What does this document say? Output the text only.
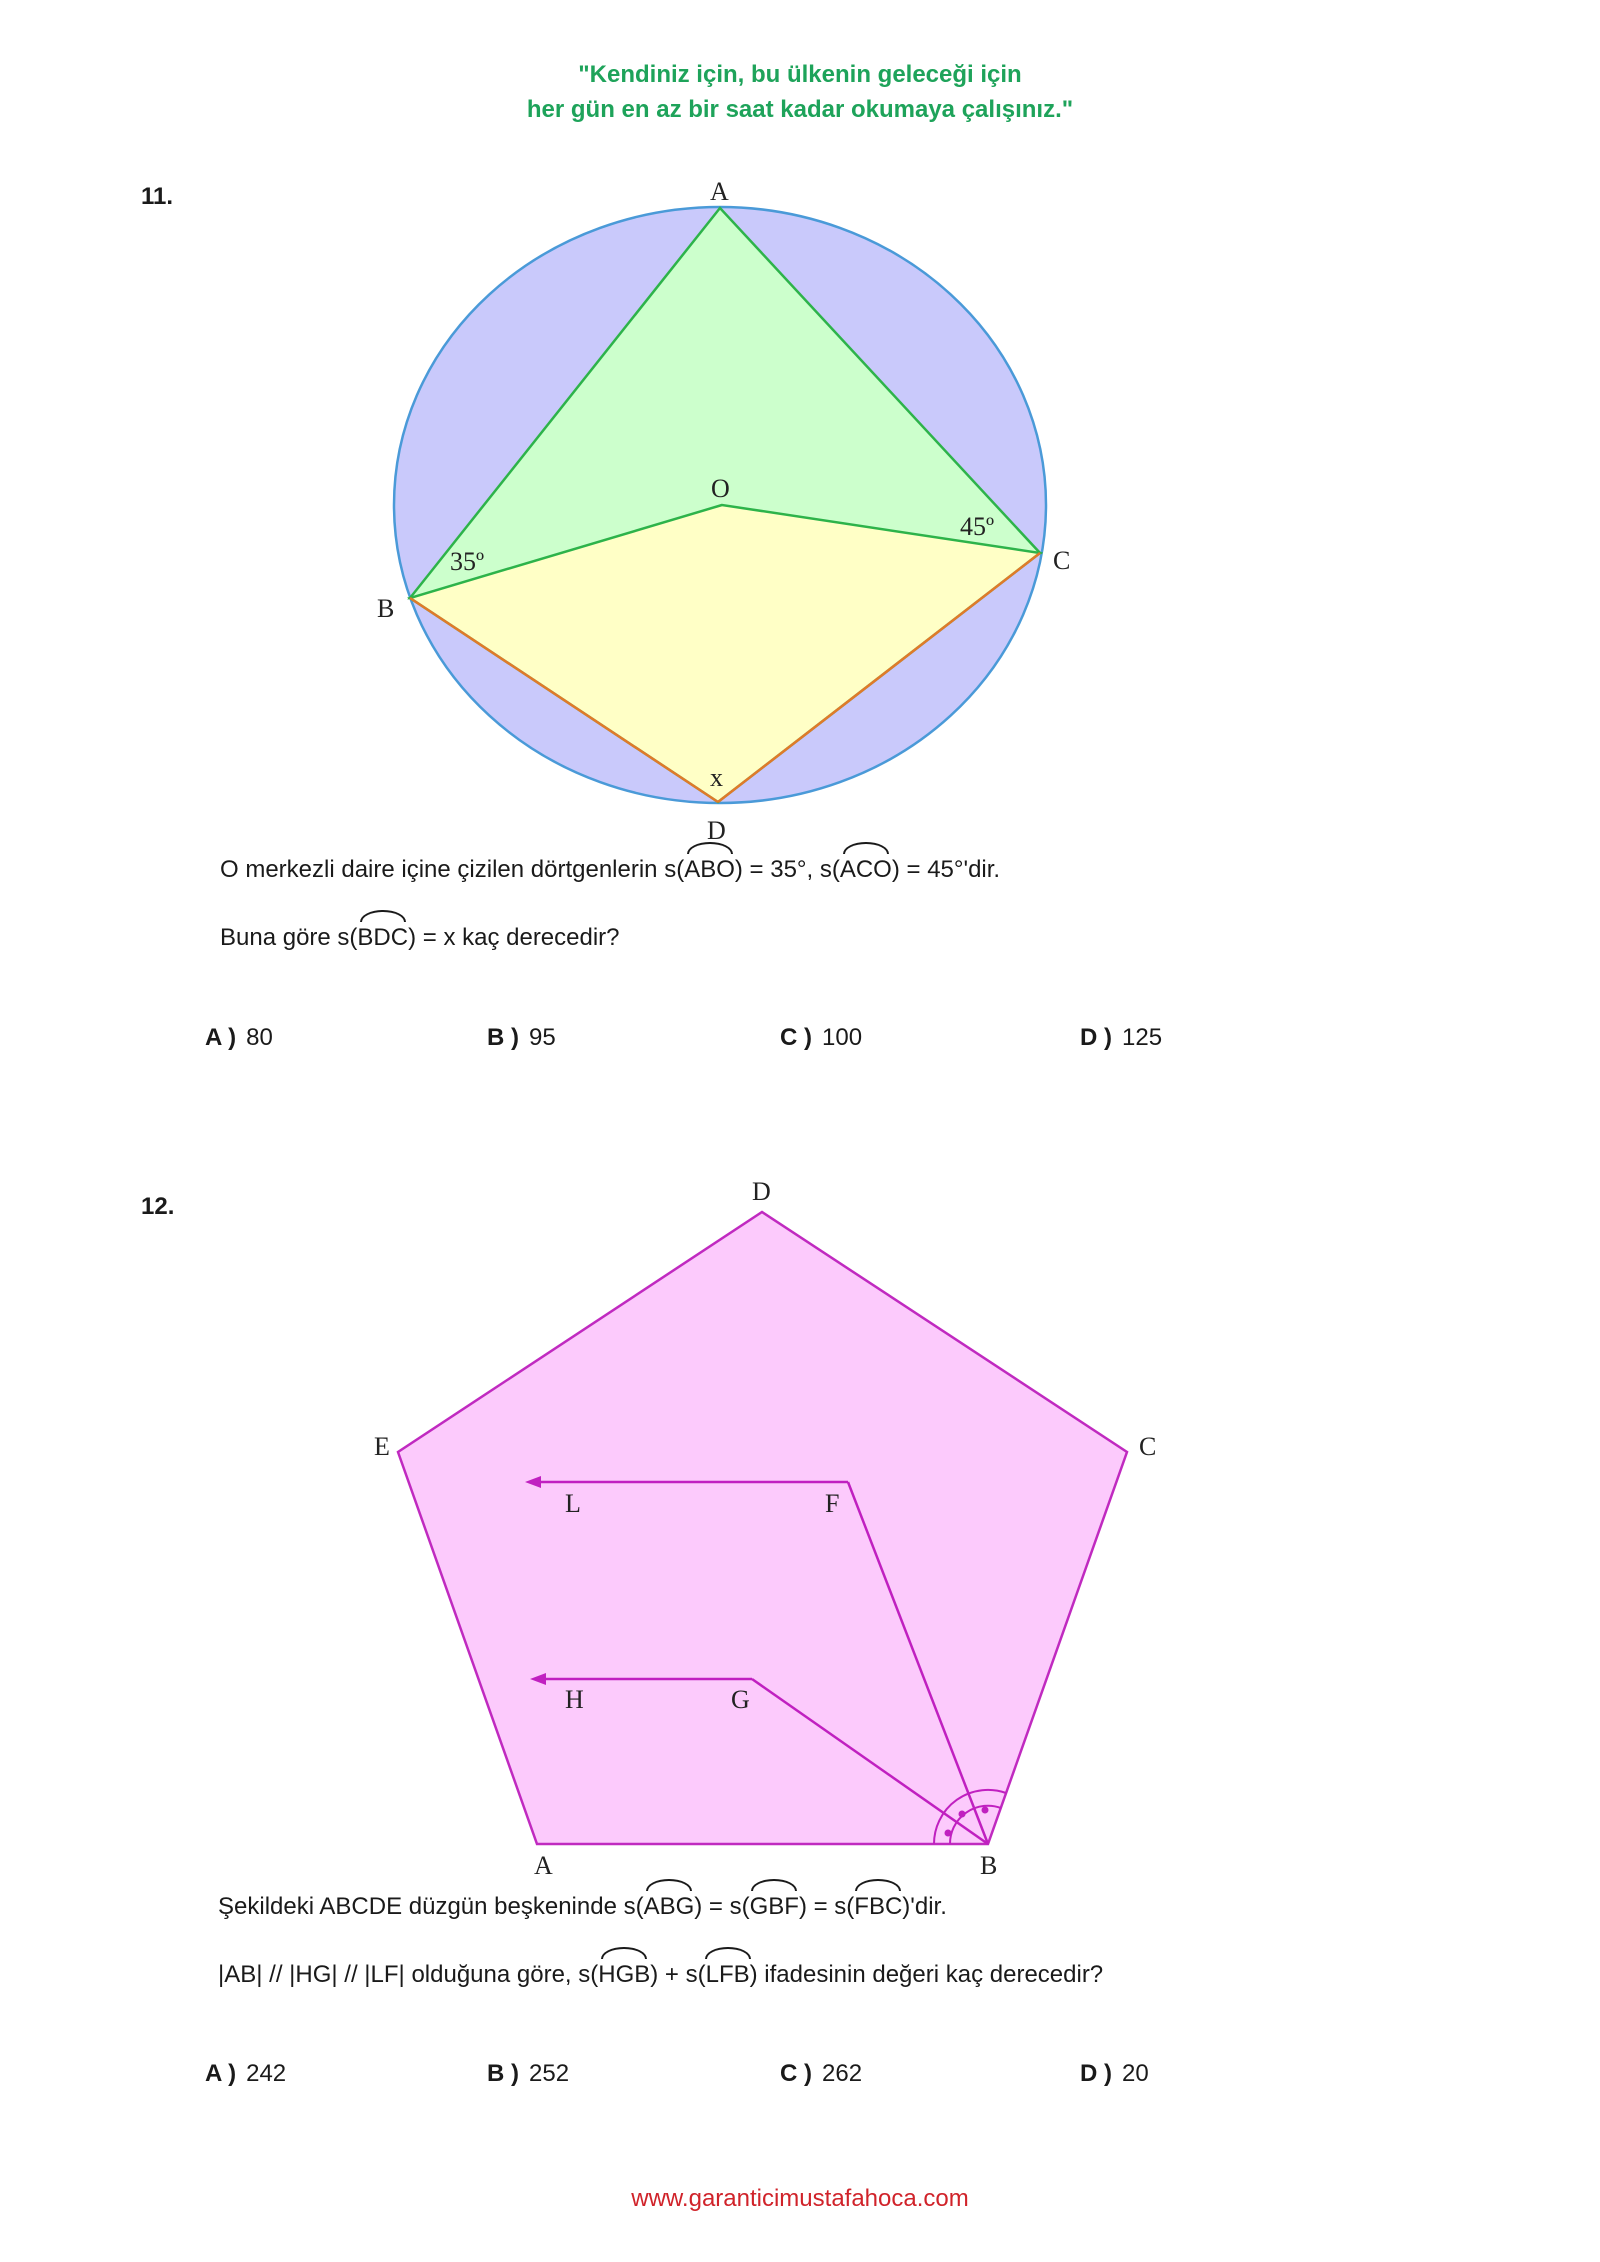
"Kendiniz için, bu ülkenin geleceği için
her gün en az bir saat kadar okumaya çalışınız."
11.	A
O
B
C
D
x
35º
45º
O merkezli daire içine çizilen dörtgenlerin s(ABO) = 35°, s(ACO) = 45°'dir.
Buna göre s(BDC) = x kaç derecedir?
A ) 80	B ) 95	C ) 100	D ) 125
12.
D
E	C
L	F
H	G
A	B
Şekildeki ABCDE düzgün beşkeninde s(ABG) = s(GBF) = s(FBC)'dir.
|AB| // |HG| // |LF| olduğuna göre, s(HGB) + s(LFB) ifadesinin değeri kaç derecedir?
A ) 242	B ) 252	C ) 262	D ) 20
www.garanticimustafahoca.com
